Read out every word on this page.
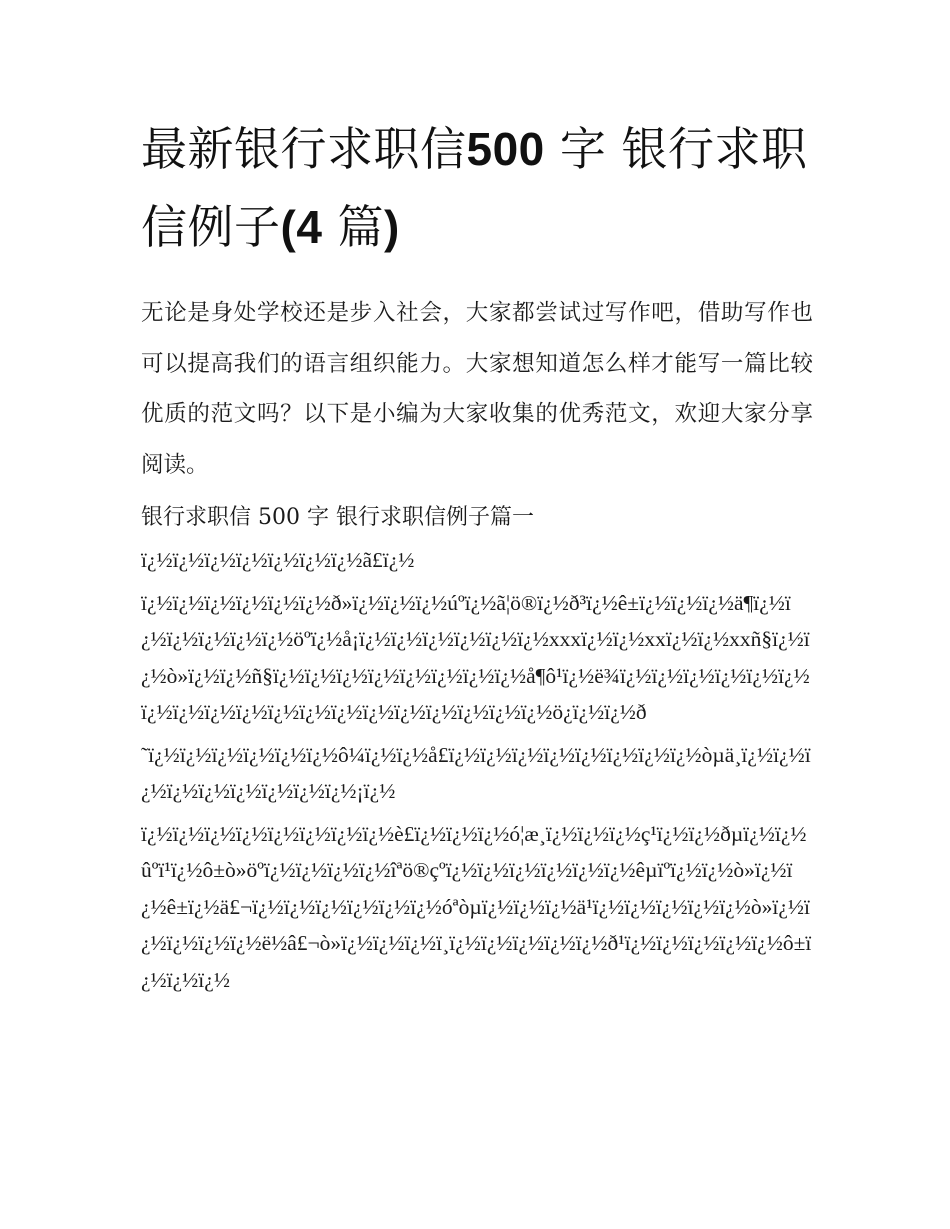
最新银行求职信500 字 银行求职信例子(4 篇)

无论是身处学校还是步入社会，大家都尝试过写作吧，借助写作也可以提高我们的语言组织能力。大家想知道怎么样才能写一篇比较优质的范文吗？以下是小编为大家收集的优秀范文，欢迎大家分享阅读。

银行求职信 500 字 银行求职信例子篇一

ï¿½ï¿½ï¿½ï¿½ï¿½ï¿½ï¿½ã£ï¿½

ï¿½ï¿½ï¿½ï¿½ï¿½ï¿½ð»ï¿½ï¿½ï¿½úºï¿½ã¦ö®ï¿½ð³ï¿½ê±ï¿½ï¿½ï¿½ä¶ï¿½ï¿½ï¿½ï¿½ï¿½ï¿½öºï¿½å¡ï¿½ï¿½ï¿½ï¿½ï¿½ï¿½xxxï¿½ï¿½xxï¿½ï¿½xxñ§ï¿½ï¿½ò»ï¿½ï¿½ñ§ï¿½ï¿½ï¿½ï¿½ï¿½ï¿½ï¿½ï¿½å¶ô¹ï¿½ë¾ï¿½ï¿½ï¿½ï¿½ï¿½ï¿½ï¿½ï¿½ï¿½ï¿½ï¿½ï¿½ï¿½ï¿½ï¿½ï¿½ï¿½ï¿½ï¿½ö¿ï¿½ï¿½ð

˜ï¿½ï¿½ï¿½ï¿½ï¿½ï¿½ô¼ï¿½ï¿½å£ï¿½ï¿½ï¿½ï¿½ï¿½ï¿½ï¿½ï¿½òµä¸ï¿½ï¿½ï¿½ï¿½ï¿½ï¿½ï¿½ï¿½ï¿½¡ï¿½

ï¿½ï¿½ï¿½ï¿½ï¿½ï¿½ï¿½ï¿½è£ï¿½ï¿½ï¿½ó¦æ¸ï¿½ï¿½ï¿½ç¹ï¿½ï¿½ðµï¿½ï¿½ûºï¹ï¿½ô±ò»öºï¿½ï¿½ï¿½ï¿½îªö®çºï¿½ï¿½ï¿½ï¿½ï¿½ï¿½êµïºï¿½ï¿½ò»ï¿½ï¿½ê±ï¿½ä£¬ï¿½ï¿½ï¿½ï¿½ï¿½ï¿½óªòµï¿½ï¿½ï¿½ä¹ï¿½ï¿½ï¿½ï¿½ï¿½ò»ï¿½ï¿½ï¿½ï¿½ï¿½ë½â£¬ò»ï¿½ï¿½ï¿½ï¸ï¿½ï¿½ï¿½ï¿½ï¿½ð¹ï¿½ï¿½ï¿½ï¿½ï¿½ô±ï¿½ï¿½ï¿½
